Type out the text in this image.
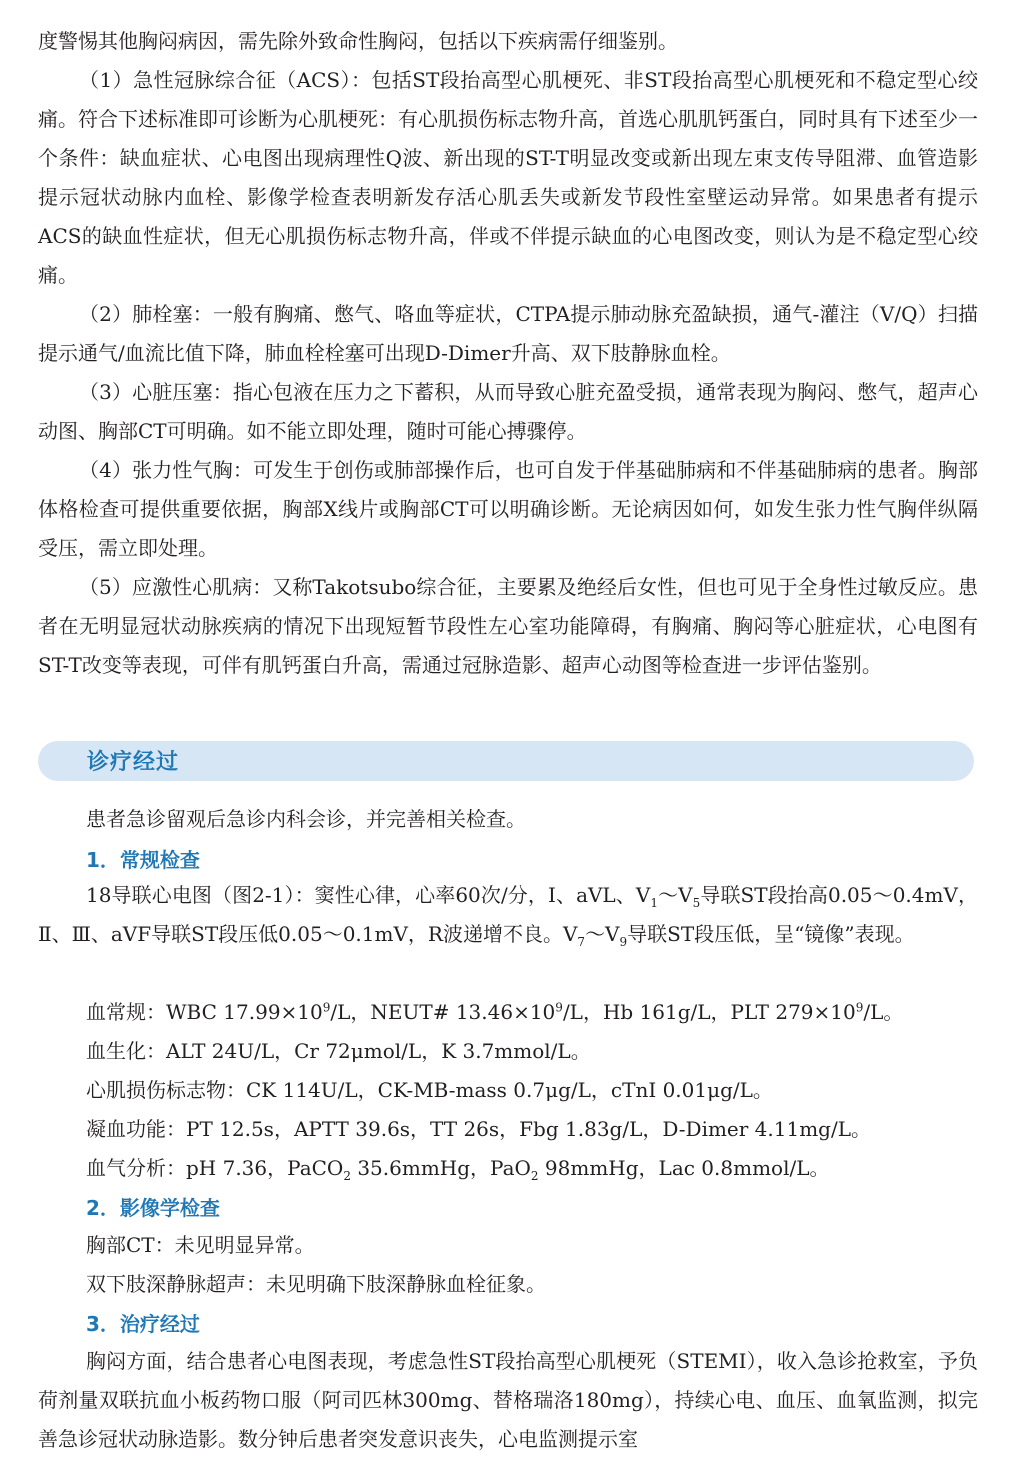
度警惕其他胸闷病因，需先除外致命性胸闷，包括以下疾病需仔细鉴别。

（1）急性冠脉综合征（ACS）：包括ST段抬高型心肌梗死、非ST段抬高型心肌梗死和不稳定型心绞痛。符合下述标准即可诊断为心肌梗死：有心肌损伤标志物升高，首选心肌肌钙蛋白，同时具有下述至少一个条件：缺血症状、心电图出现病理性Q波、新出现的ST-T明显改变或新出现左束支传导阻滞、血管造影提示冠状动脉内血栓、影像学检查表明新发存活心肌丢失或新发节段性室壁运动异常。如果患者有提示ACS的缺血性症状，但无心肌损伤标志物升高，伴或不伴提示缺血的心电图改变，则认为是不稳定型心绞痛。

（2）肺栓塞：一般有胸痛、憋气、咯血等症状，CTPA提示肺动脉充盈缺损，通气-灌注（V/Q）扫描提示通气/血流比值下降，肺血栓栓塞可出现D-Dimer升高、双下肢静脉血栓。

（3）心脏压塞：指心包液在压力之下蓄积，从而导致心脏充盈受损，通常表现为胸闷、憋气，超声心动图、胸部CT可明确。如不能立即处理，随时可能心搏骤停。

（4）张力性气胸：可发生于创伤或肺部操作后，也可自发于伴基础肺病和不伴基础肺病的患者。胸部体格检查可提供重要依据，胸部X线片或胸部CT可以明确诊断。无论病因如何，如发生张力性气胸伴纵隔受压，需立即处理。

（5）应激性心肌病：又称Takotsubo综合征，主要累及绝经后女性，但也可见于全身性过敏反应。患者在无明显冠状动脉疾病的情况下出现短暂节段性左心室功能障碍，有胸痛、胸闷等心脏症状，心电图有ST-T改变等表现，可伴有肌钙蛋白升高，需通过冠脉造影、超声心动图等检查进一步评估鉴别。

诊疗经过

患者急诊留观后急诊内科会诊，并完善相关检查。

1．常规检查

18导联心电图（图2-1）：窦性心律，心率60次/分，Ⅰ、aVL、$V_1\sim V_5$导联ST段抬高0.05～0.4mV，Ⅱ、Ⅲ、aVF导联ST段压低0.05～0.1mV，R波递增不良。$V_7\sim V_9$导联ST段压低，呈“镜像”表现。

血常规：WBC $17.99\times 10^9/L$，NEUT# $13.46\times 10^9/L$，Hb 161g/L，PLT $279\times 10^9/L$。

血生化：ALT 24U/L，Cr 72μmol/L，K 3.7mmol/L。

心肌损伤标志物：CK 114U/L，CK-MB-mass 0.7μg/L，cTnI 0.01μg/L。

凝血功能：PT 12.5s，APTT 39.6s，TT 26s，Fbg 1.83g/L，D-Dimer 4.11mg/L。

血气分析：pH 7.36，PaCO$_2$ 35.6mmHg，PaO$_2$ 98mmHg，Lac 0.8mmol/L。

2．影像学检查

胸部CT：未见明显异常。

双下肢深静脉超声：未见明确下肢深静脉血栓征象。

3．治疗经过

胸闷方面，结合患者心电图表现，考虑急性ST段抬高型心肌梗死（STEMI），收入急诊抢救室，予负荷剂量双联抗血小板药物口服（阿司匹林300mg、替格瑞洛180mg），持续心电、血压、血氧监测，拟完善急诊冠状动脉造影。数分钟后患者突发意识丧失，心电监测提示室
